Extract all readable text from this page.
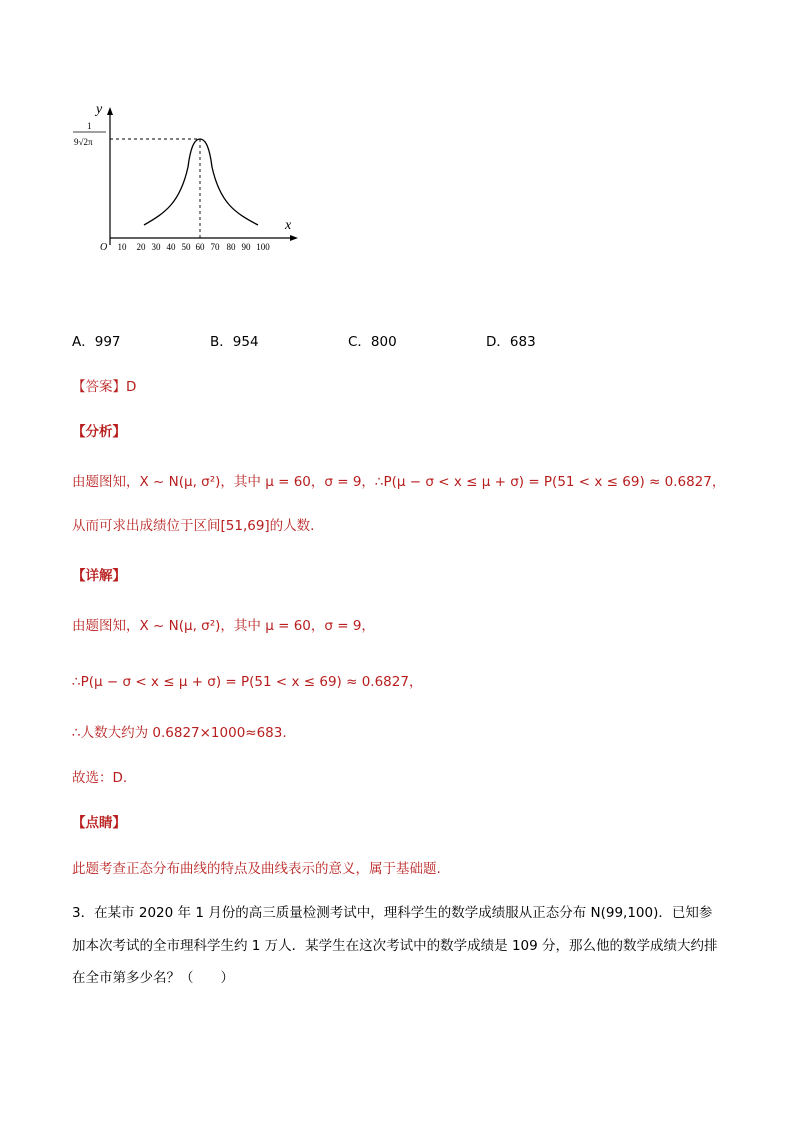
y
x
O
1
9√2π
10 20 30 40 50 60 70 80 90 100
A．997	B．954	C．800	D．683
【答案】D
【分析】
由题图知，X ~ N(μ, σ²)，其中 μ = 60，σ = 9，∴P(μ − σ < x ≤ μ + σ) = P(51 < x ≤ 69) ≈ 0.6827，
从而可求出成绩位于区间[51,69]的人数.
【详解】
由题图知，X ~ N(μ, σ²)，其中 μ = 60，σ = 9，
∴P(μ − σ < x ≤ μ + σ) = P(51 < x ≤ 69) ≈ 0.6827，
∴人数大约为 0.6827×1000≈683.
故选：D.
【点睛】
此题考查正态分布曲线的特点及曲线表示的意义，属于基础题.
3．在某市 2020 年 1 月份的高三质量检测考试中，理科学生的数学成绩服从正态分布 N(99,100)．已知参
加本次考试的全市理科学生约 1 万人．某学生在这次考试中的数学成绩是 109 分，那么他的数学成绩大约排
在全市第多少名？（　　）
